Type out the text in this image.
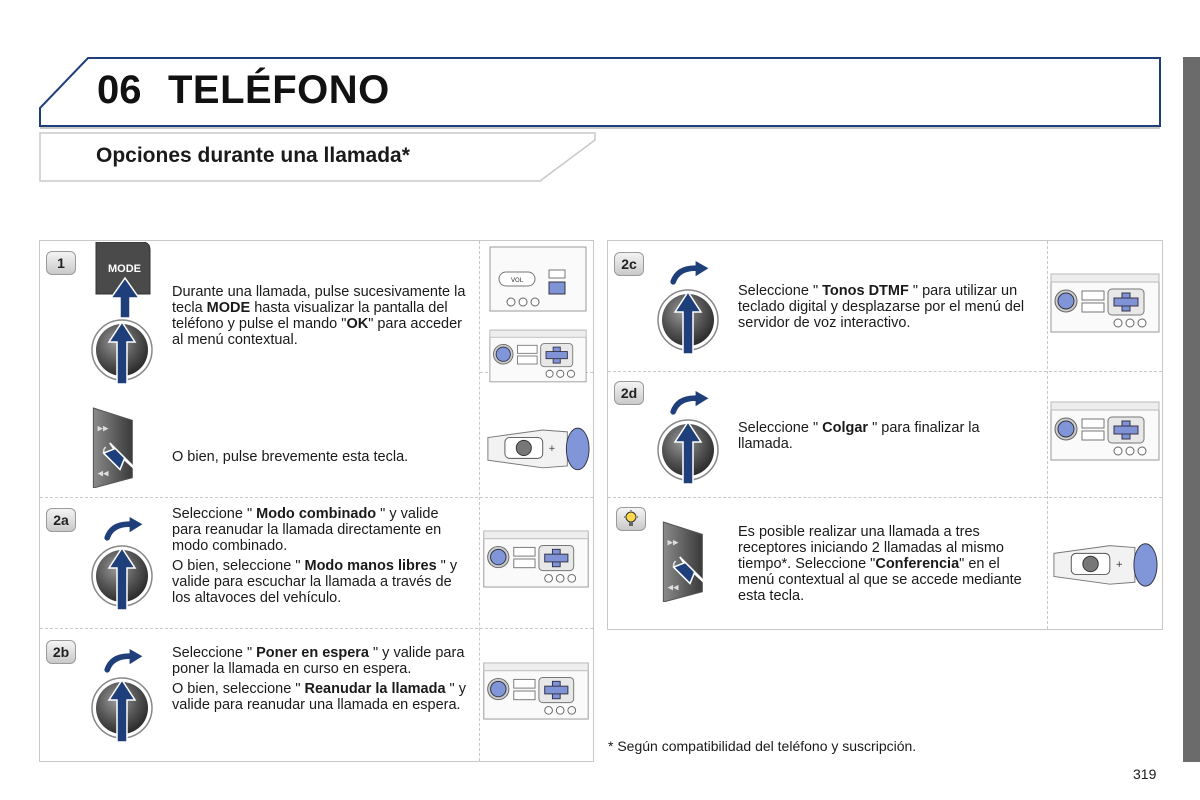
06 TELÉFONO
Opciones durante una llamada*
1	MODE
Durante una llamada, pulse sucesivamente la tecla MODE hasta visualizar la pantalla del teléfono y pulse el mando "OK" para acceder al menú contextual.
O bien, pulse brevemente esta tecla.
VOL
2a	Seleccione " Modo combinado " y valide para reanudar la llamada directamente en modo combinado.

O bien, seleccione " Modo manos libres " y valide para escuchar la llamada a través de los altavoces del vehículo.

2b	Seleccione " Poner en espera " y valide para poner la llamada en curso en espera.

O bien, seleccione " Reanudar la llamada " y valide para reanudar una llamada en espera.

2c

Seleccione " Tonos DTMF " para utilizar un teclado digital y desplazarse por el menú del servidor de voz interactivo.

2d

Seleccione " Colgar " para finalizar la llamada.

Es posible realizar una llamada a tres receptores iniciando 2 llamadas al mismo tiempo*. Seleccione "Conferencia" en el menú contextual al que se accede mediante esta tecla.

* Según compatibilidad del teléfono y suscripción.
319
